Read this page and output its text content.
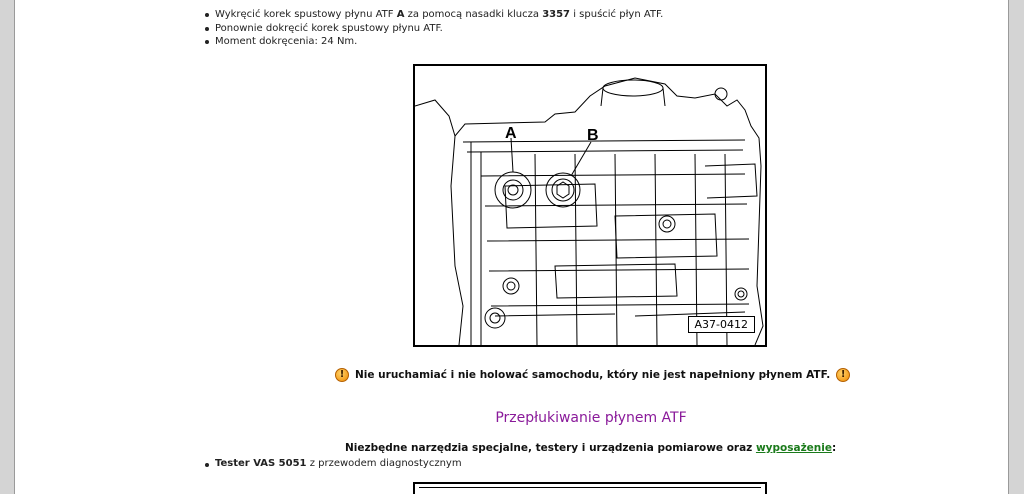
Wykręcić korek spustowy płynu ATF A za pomocą nasadki klucza 3357 i spuścić płyn ATF.
Ponownie dokręcić korek spustowy płynu ATF.
Moment dokręcenia: 24 Nm.
A	B
A37-0412
!	Nie uruchamiać i nie holować samochodu, który nie jest napełniony płynem ATF.	!
Przepłukiwanie płynem ATF
Niezbędne narzędzia specjalne, testery i urządzenia pomiarowe oraz wyposażenie:
Tester VAS 5051 z przewodem diagnostycznym
